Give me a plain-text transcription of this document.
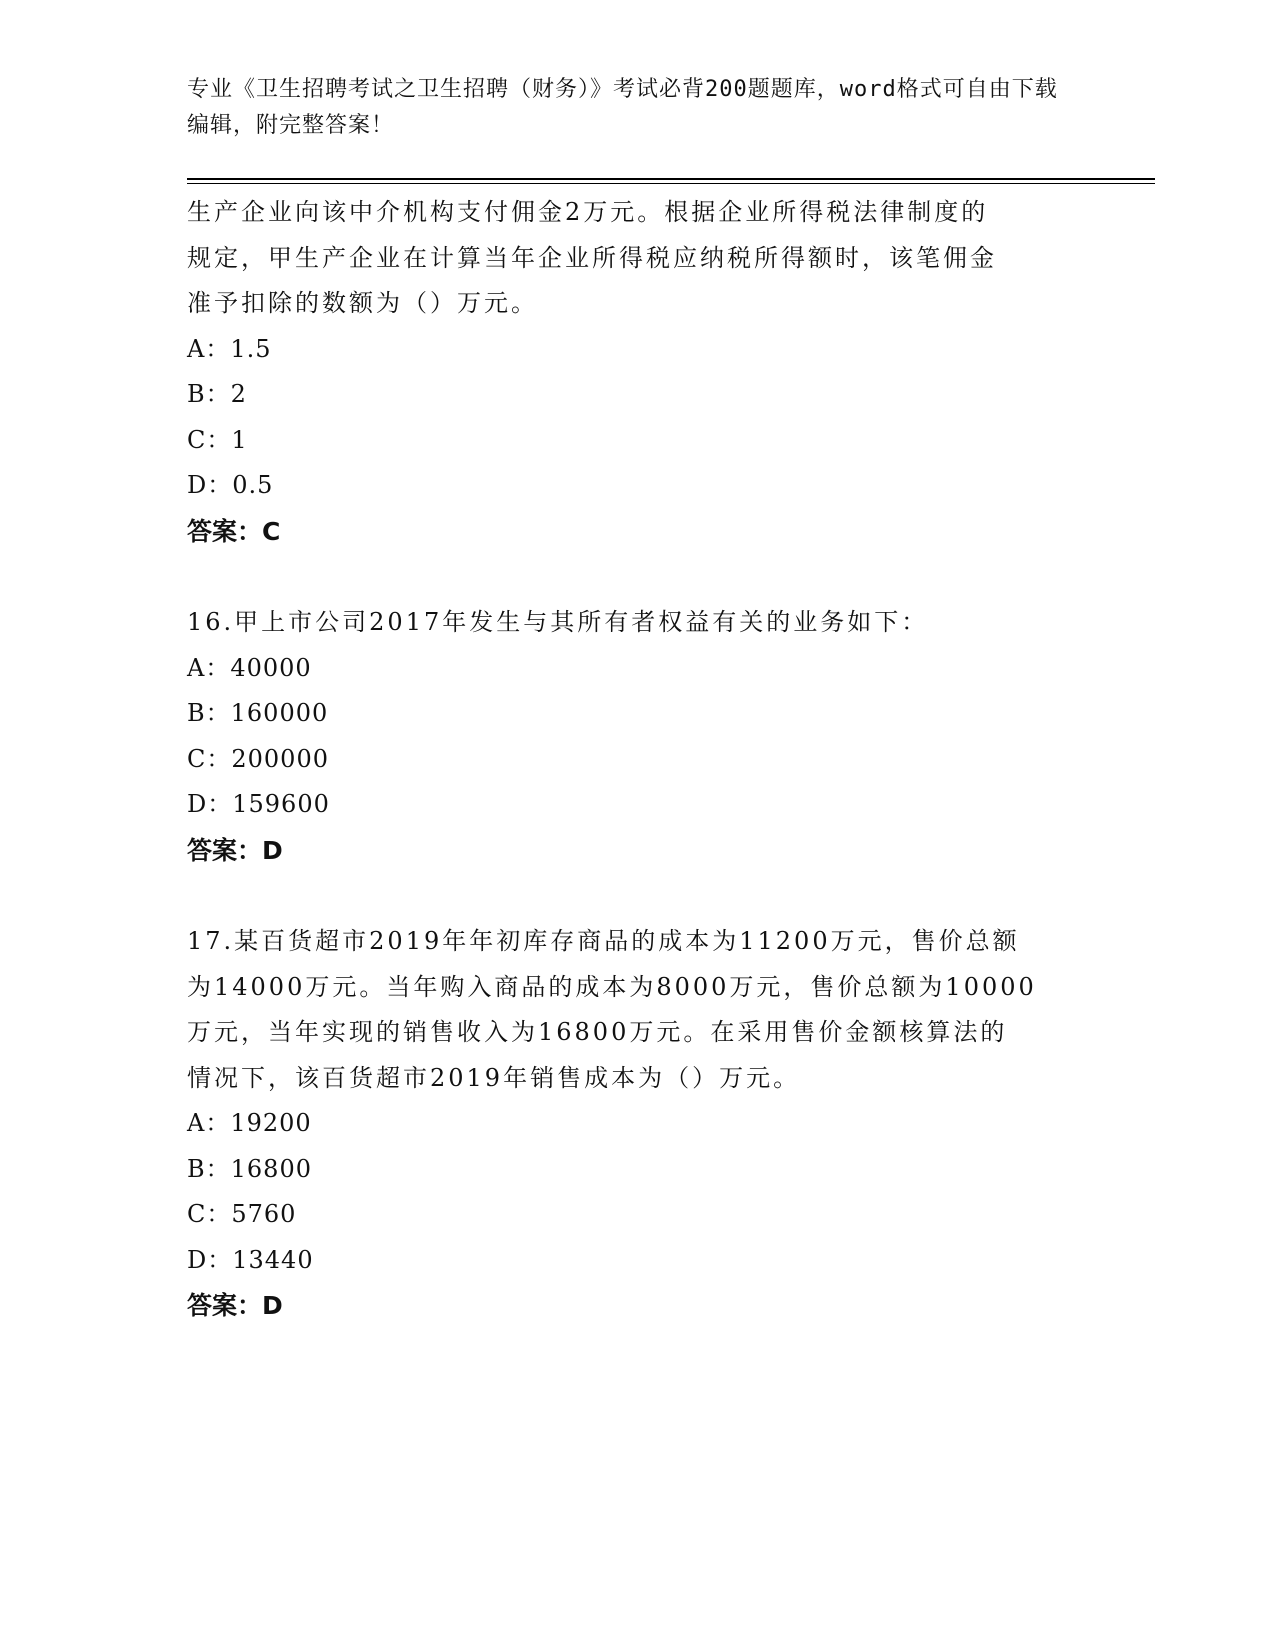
专业《卫生招聘考试之卫生招聘（财务）》考试必背200题题库，word格式可自由下载编辑，附完整答案！

生产企业向该中介机构支付佣金2万元。根据企业所得税法律制度的

规定，甲生产企业在计算当年企业所得税应纳税所得额时，该笔佣金

准予扣除的数额为（）万元。

A：1.5

B：2

C：1

D：0.5

答案：C

16.甲上市公司2017年发生与其所有者权益有关的业务如下：

A：40000

B：160000

C：200000

D：159600

答案：D

17.某百货超市2019年年初库存商品的成本为11200万元，售价总额

为14000万元。当年购入商品的成本为8000万元，售价总额为10000

万元，当年实现的销售收入为16800万元。在采用售价金额核算法的

情况下，该百货超市2019年销售成本为（）万元。

A：19200

B：16800

C：5760

D：13440

答案：D
